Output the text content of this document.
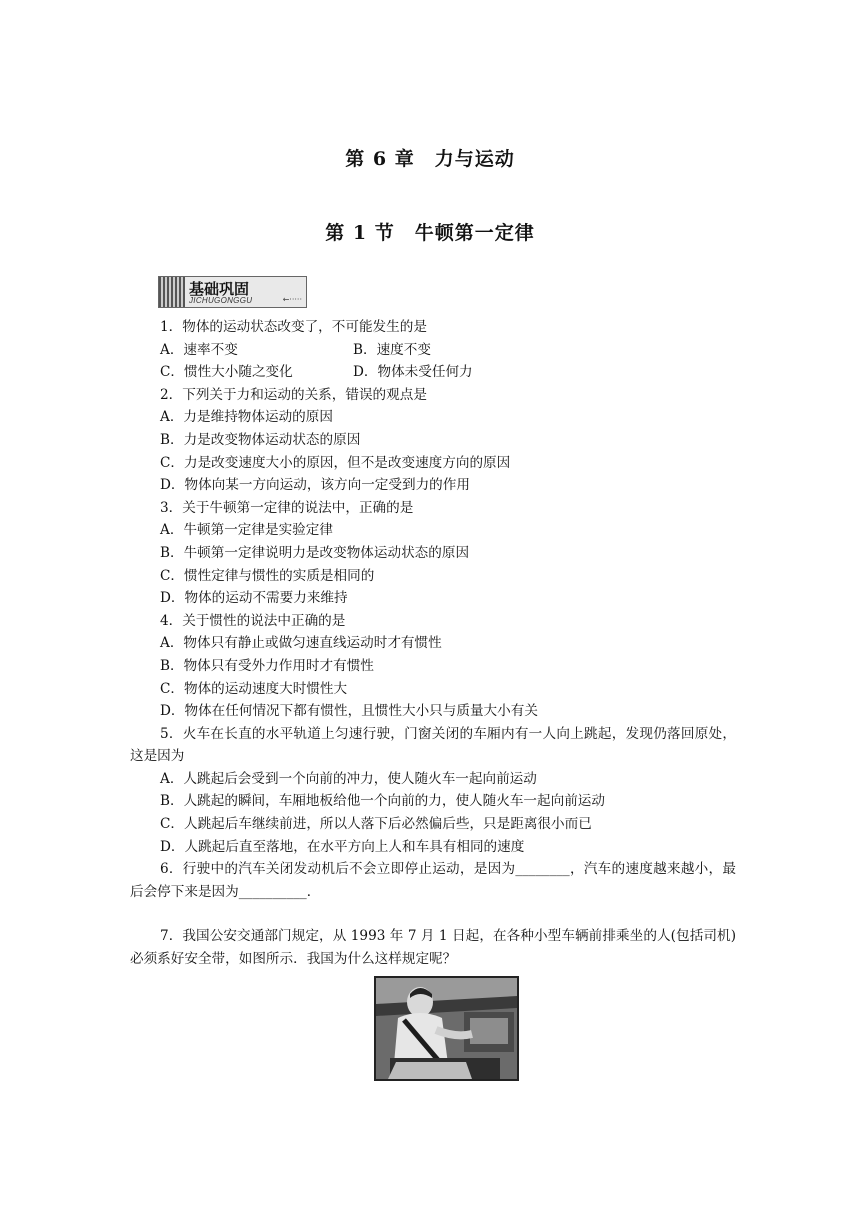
第 6 章　力与运动
第 1 节　牛顿第一定律
基础巩固
JICHUGONGGU	←·····
1．物体的运动状态改变了，不可能发生的是
A．速率不变	B．速度不变
C．惯性大小随之变化	D．物体未受任何力
2．下列关于力和运动的关系，错误的观点是
A．力是维持物体运动的原因
B．力是改变物体运动状态的原因
C．力是改变速度大小的原因，但不是改变速度方向的原因
D．物体向某一方向运动，该方向一定受到力的作用
3．关于牛顿第一定律的说法中，正确的是
A．牛顿第一定律是实验定律
B．牛顿第一定律说明力是改变物体运动状态的原因
C．惯性定律与惯性的实质是相同的
D．物体的运动不需要力来维持
4．关于惯性的说法中正确的是
A．物体只有静止或做匀速直线运动时才有惯性
B．物体只有受外力作用时才有惯性
C．物体的运动速度大时惯性大
D．物体在任何情况下都有惯性，且惯性大小只与质量大小有关
5．火车在长直的水平轨道上匀速行驶，门窗关闭的车厢内有一人向上跳起，发现仍落回原处，这是因为
A．人跳起后会受到一个向前的冲力，使人随火车一起向前运动
B．人跳起的瞬间，车厢地板给他一个向前的力，使人随火车一起向前运动
C．人跳起后车继续前进，所以人落下后必然偏后些，只是距离很小而已
D．人跳起后直至落地，在水平方向上人和车具有相同的速度
6．行驶中的汽车关闭发动机后不会立即停止运动，是因为________，汽车的速度越来越小，最后会停下来是因为__________．
7．我国公安交通部门规定，从 1993 年 7 月 1 日起，在各种小型车辆前排乘坐的人(包括司机)必须系好安全带，如图所示．我国为什么这样规定呢？
